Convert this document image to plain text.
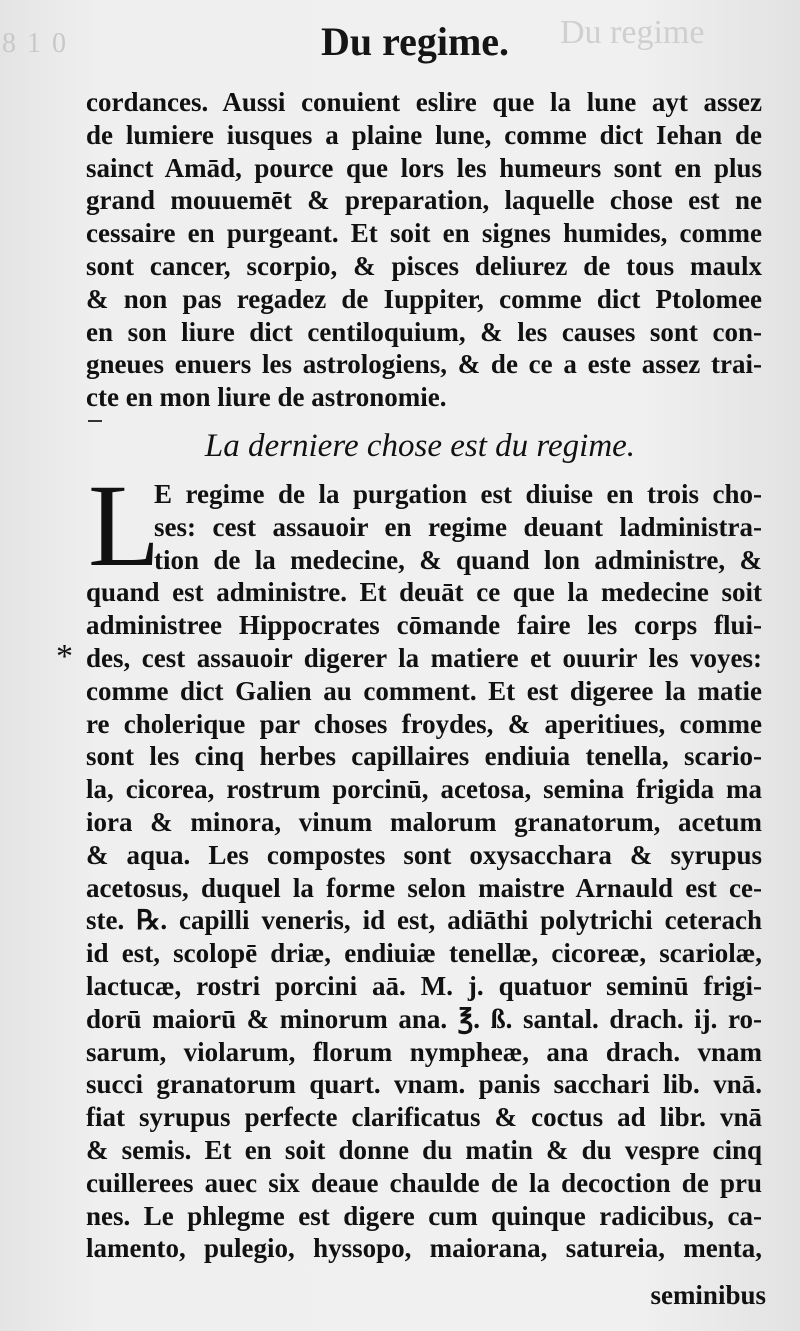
8 1 0	Du regime
Du regime.
cordances. Aussi conuient eslire que la lune ayt assez
de lumiere iusques a plaine lune, comme dict Iehan de
sainct Amād, pource que lors les humeurs sont en plus
grand mouuemēt & preparation, laquelle chose est ne
cessaire en purgeant. Et soit en signes humides, comme
sont cancer, scorpio, & pisces deliurez de tous maulx
& non pas regadez de Iuppiter, comme dict Ptolomee
en son liure dict centiloquium, & les causes sont con-
gneues enuers les astrologiens, & de ce a este assez trai-
cte en mon liure de astronomie.
La derniere chose est du regime.
L
E regime de la purgation est diuise en trois cho-
ses: cest assauoir en regime deuant ladministra-
tion de la medecine, & quand lon administre, &
quand est administre. Et deuāt ce que la medecine soit
administree Hippocrates cōmande faire les corps flui-
des, cest assauoir digerer la matiere et ouurir les voyes:
comme dict Galien au comment. Et est digeree la matie
re cholerique par choses froydes, & aperitiues, comme
sont les cinq herbes capillaires endiuia tenella, scario-
la, cicorea, rostrum porcinū, acetosa, semina frigida ma
iora & minora, vinum malorum granatorum, acetum
& aqua. Les compostes sont oxysacchara & syrupus
acetosus, duquel la forme selon maistre Arnauld est ce-
ste. ℞. capilli veneris, id est, adiāthi polytrichi ceterach
id est, scolopē driæ, endiuiæ tenellæ, cicoreæ, scariolæ,
lactucæ, rostri porcini aā. M. j. quatuor seminū frigi-
dorū maiorū & minorum ana. ℥. ß. santal. drach. ij. ro-
sarum, violarum, florum nympheæ, ana drach. vnam
succi granatorum quart. vnam. panis sacchari lib. vnā.
fiat syrupus perfecte clarificatus & coctus ad libr. vnā
& semis. Et en soit donne du matin & du vespre cinq
cuillerees auec six deaue chaulde de la decoction de pru
nes. Le phlegme est digere cum quinque radicibus, ca-
lamento, pulegio, hyssopo, maiorana, satureia, menta,
*
seminibus
